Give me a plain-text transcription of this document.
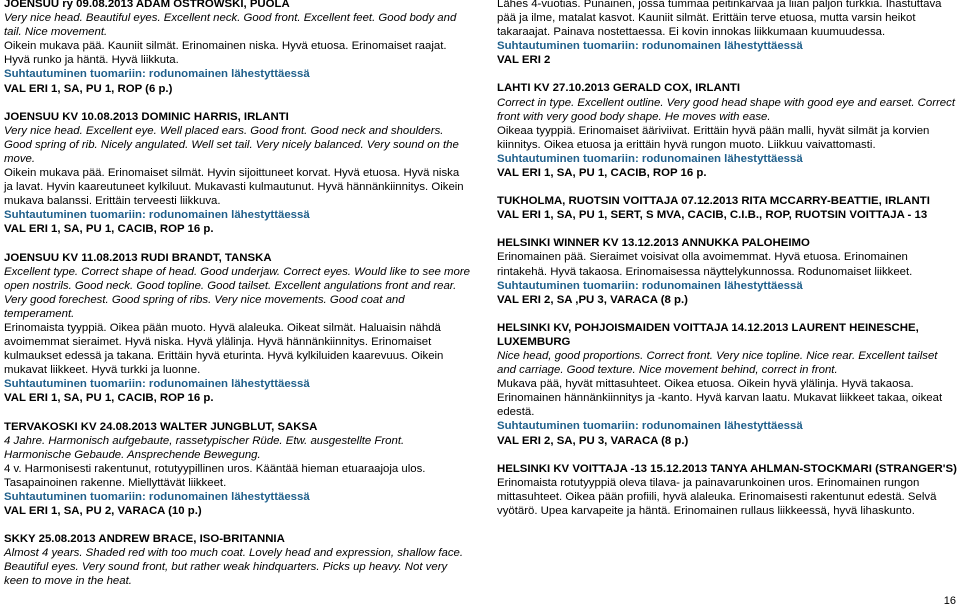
JOENSUU ry 09.08.2013 ADAM OSTROWSKI, PUOLA

Very nice head. Beautiful eyes. Excellent neck. Good front. Excellent feet. Good body and tail. Nice movement.

Oikein mukava pää. Kauniit silmät. Erinomainen niska. Hyvä etuosa. Erinomaiset raajat. Hyvä runko ja häntä. Hyvä liikkuta.

Suhtautuminen tuomariin: rodunomainen lähestyttäessä

VAL ERI 1, SA, PU 1, ROP (6 p.)

JOENSUU KV 10.08.2013 DOMINIC HARRIS, IRLANTI

Very nice head. Excellent eye. Well placed ears. Good front. Good neck and shoulders. Good spring of rib. Nicely angulated. Well set tail. Very nicely balanced. Very sound on the move.

Oikein mukava pää. Erinomaiset silmät. Hyvin sijoittuneet korvat. Hyvä etuosa. Hyvä niska ja lavat. Hyvin kaareutuneet kylkiluut. Mukavasti kulmautunut. Hyvä hännänkiinnitys. Oikein mukava balanssi. Erittäin terveesti liikkuva.

Suhtautuminen tuomariin: rodunomainen lähestyttäessä

VAL ERI 1, SA, PU 1, CACIB, ROP 16 p.

JOENSUU KV 11.08.2013 RUDI BRANDT, TANSKA

Excellent type. Correct shape of head. Good underjaw. Correct eyes. Would like to see more open nostrils. Good neck. Good topline. Good tailset. Excellent angulations front and rear. Very good forechest. Good spring of ribs. Very nice movements. Good coat and temperament.

Erinomaista tyyppiä. Oikea pään muoto. Hyvä alaleuka. Oikeat silmät. Haluaisin nähdä avoimemmat sieraimet. Hyvä niska. Hyvä ylälinja. Hyvä hännänkiinnitys. Erinomaiset kulmaukset edessä ja takana. Erittäin hyvä eturinta. Hyvä kylkiluiden kaarevuus. Oikein mukavat liikkeet. Hyvä turkki ja luonne.

Suhtautuminen tuomariin: rodunomainen lähestyttäessä

VAL ERI 1, SA, PU 1, CACIB, ROP 16 p.

TERVAKOSKI KV 24.08.2013 WALTER JUNGBLUT, SAKSA

4 Jahre. Harmonisch aufgebaute, rassetypischer Rüde. Etw. ausgestellte Front. Harmonische Gebaude. Ansprechende Bewegung.

4 v. Harmonisesti rakentunut, rotutyypillinen uros. Kääntää hieman etuaraajoja ulos. Tasapainoinen rakenne. Miellyttävät liikkeet.

Suhtautuminen tuomariin: rodunomainen lähestyttäessä

VAL ERI 1, SA, PU 2, VARACA (10 p.)

SKKY 25.08.2013 ANDREW BRACE, ISO-BRITANNIA

Almost 4 years. Shaded red with too much coat. Lovely head and expression, shallow face. Beautiful eyes. Very sound front, but rather weak hindquarters. Picks up heavy. Not very keen to move in the heat.

Lähes 4-vuotias. Punainen, jossa tummaa peitinkarvaa ja liian paljon turkkia. Ihastuttava pää ja ilme, matalat kasvot. Kauniit silmät. Erittäin terve etuosa, mutta varsin heikot takaraajat. Painava nostettaessa. Ei kovin innokas liikkumaan kuumuudessa.

Suhtautuminen tuomariin: rodunomainen lähestyttäessä

VAL ERI 2

LAHTI KV 27.10.2013 GERALD COX, IRLANTI

Correct in type. Excellent outline. Very good head shape with good eye and earset. Correct front with very good body shape. He moves with ease.

Oikeaa tyyppiä. Erinomaiset ääriviivat. Erittäin hyvä pään malli, hyvät silmät ja korvien kiinnitys. Oikea etuosa ja erittäin hyvä rungon muoto. Liikkuu vaivattomasti.

Suhtautuminen tuomariin: rodunomainen lähestyttäessä

VAL ERI 1, SA, PU 1, CACIB, ROP 16 p.

TUKHOLMA, RUOTSIN VOITTAJA 07.12.2013 RITA MCCARRY-BEATTIE, IRLANTI

VAL ERI 1, SA, PU 1, SERT, S MVA, CACIB, C.I.B., ROP, RUOTSIN VOITTAJA - 13

HELSINKI WINNER KV 13.12.2013 ANNUKKA PALOHEIMO

Erinomainen pää. Sieraimet voisivat olla avoimemmat. Hyvä etuosa. Erinomainen rintakehä. Hyvä takaosa. Erinomaisessa näyttelykunnossa. Rodunomaiset liikkeet.

Suhtautuminen tuomariin: rodunomainen lähestyttäessä

VAL ERI 2, SA ,PU 3, VARACA (8 p.)

HELSINKI KV, POHJOISMAIDEN VOITTAJA 14.12.2013 LAURENT HEINESCHE, LUXEMBURG

Nice head, good proportions. Correct front. Very nice topline. Nice rear. Excellent tailset and carriage. Good texture. Nice movement behind, correct in front.

Mukava pää, hyvät mittasuhteet. Oikea etuosa. Oikein hyvä ylälinja. Hyvä takaosa. Erinomainen hännänkiinnitys ja -kanto. Hyvä karvan laatu. Mukavat liikkeet takaa, oikeat edestä.

Suhtautuminen tuomariin: rodunomainen lähestyttäessä

VAL ERI 2, SA, PU 3, VARACA (8 p.)

HELSINKI KV VOITTAJA -13 15.12.2013 TANYA AHLMAN-STOCKMARI (STRANGER'S)

Erinomaista rotutyyppiä oleva tilava- ja painavarunkoinen uros. Erinomainen rungon mittasuhteet. Oikea pään profiili, hyvä alaleuka. Erinomaisesti rakentunut edestä. Selvä vyötärö. Upea karvapeite ja häntä. Erinomainen rullaus liikkeessä, hyvä lihaskunto.

16
